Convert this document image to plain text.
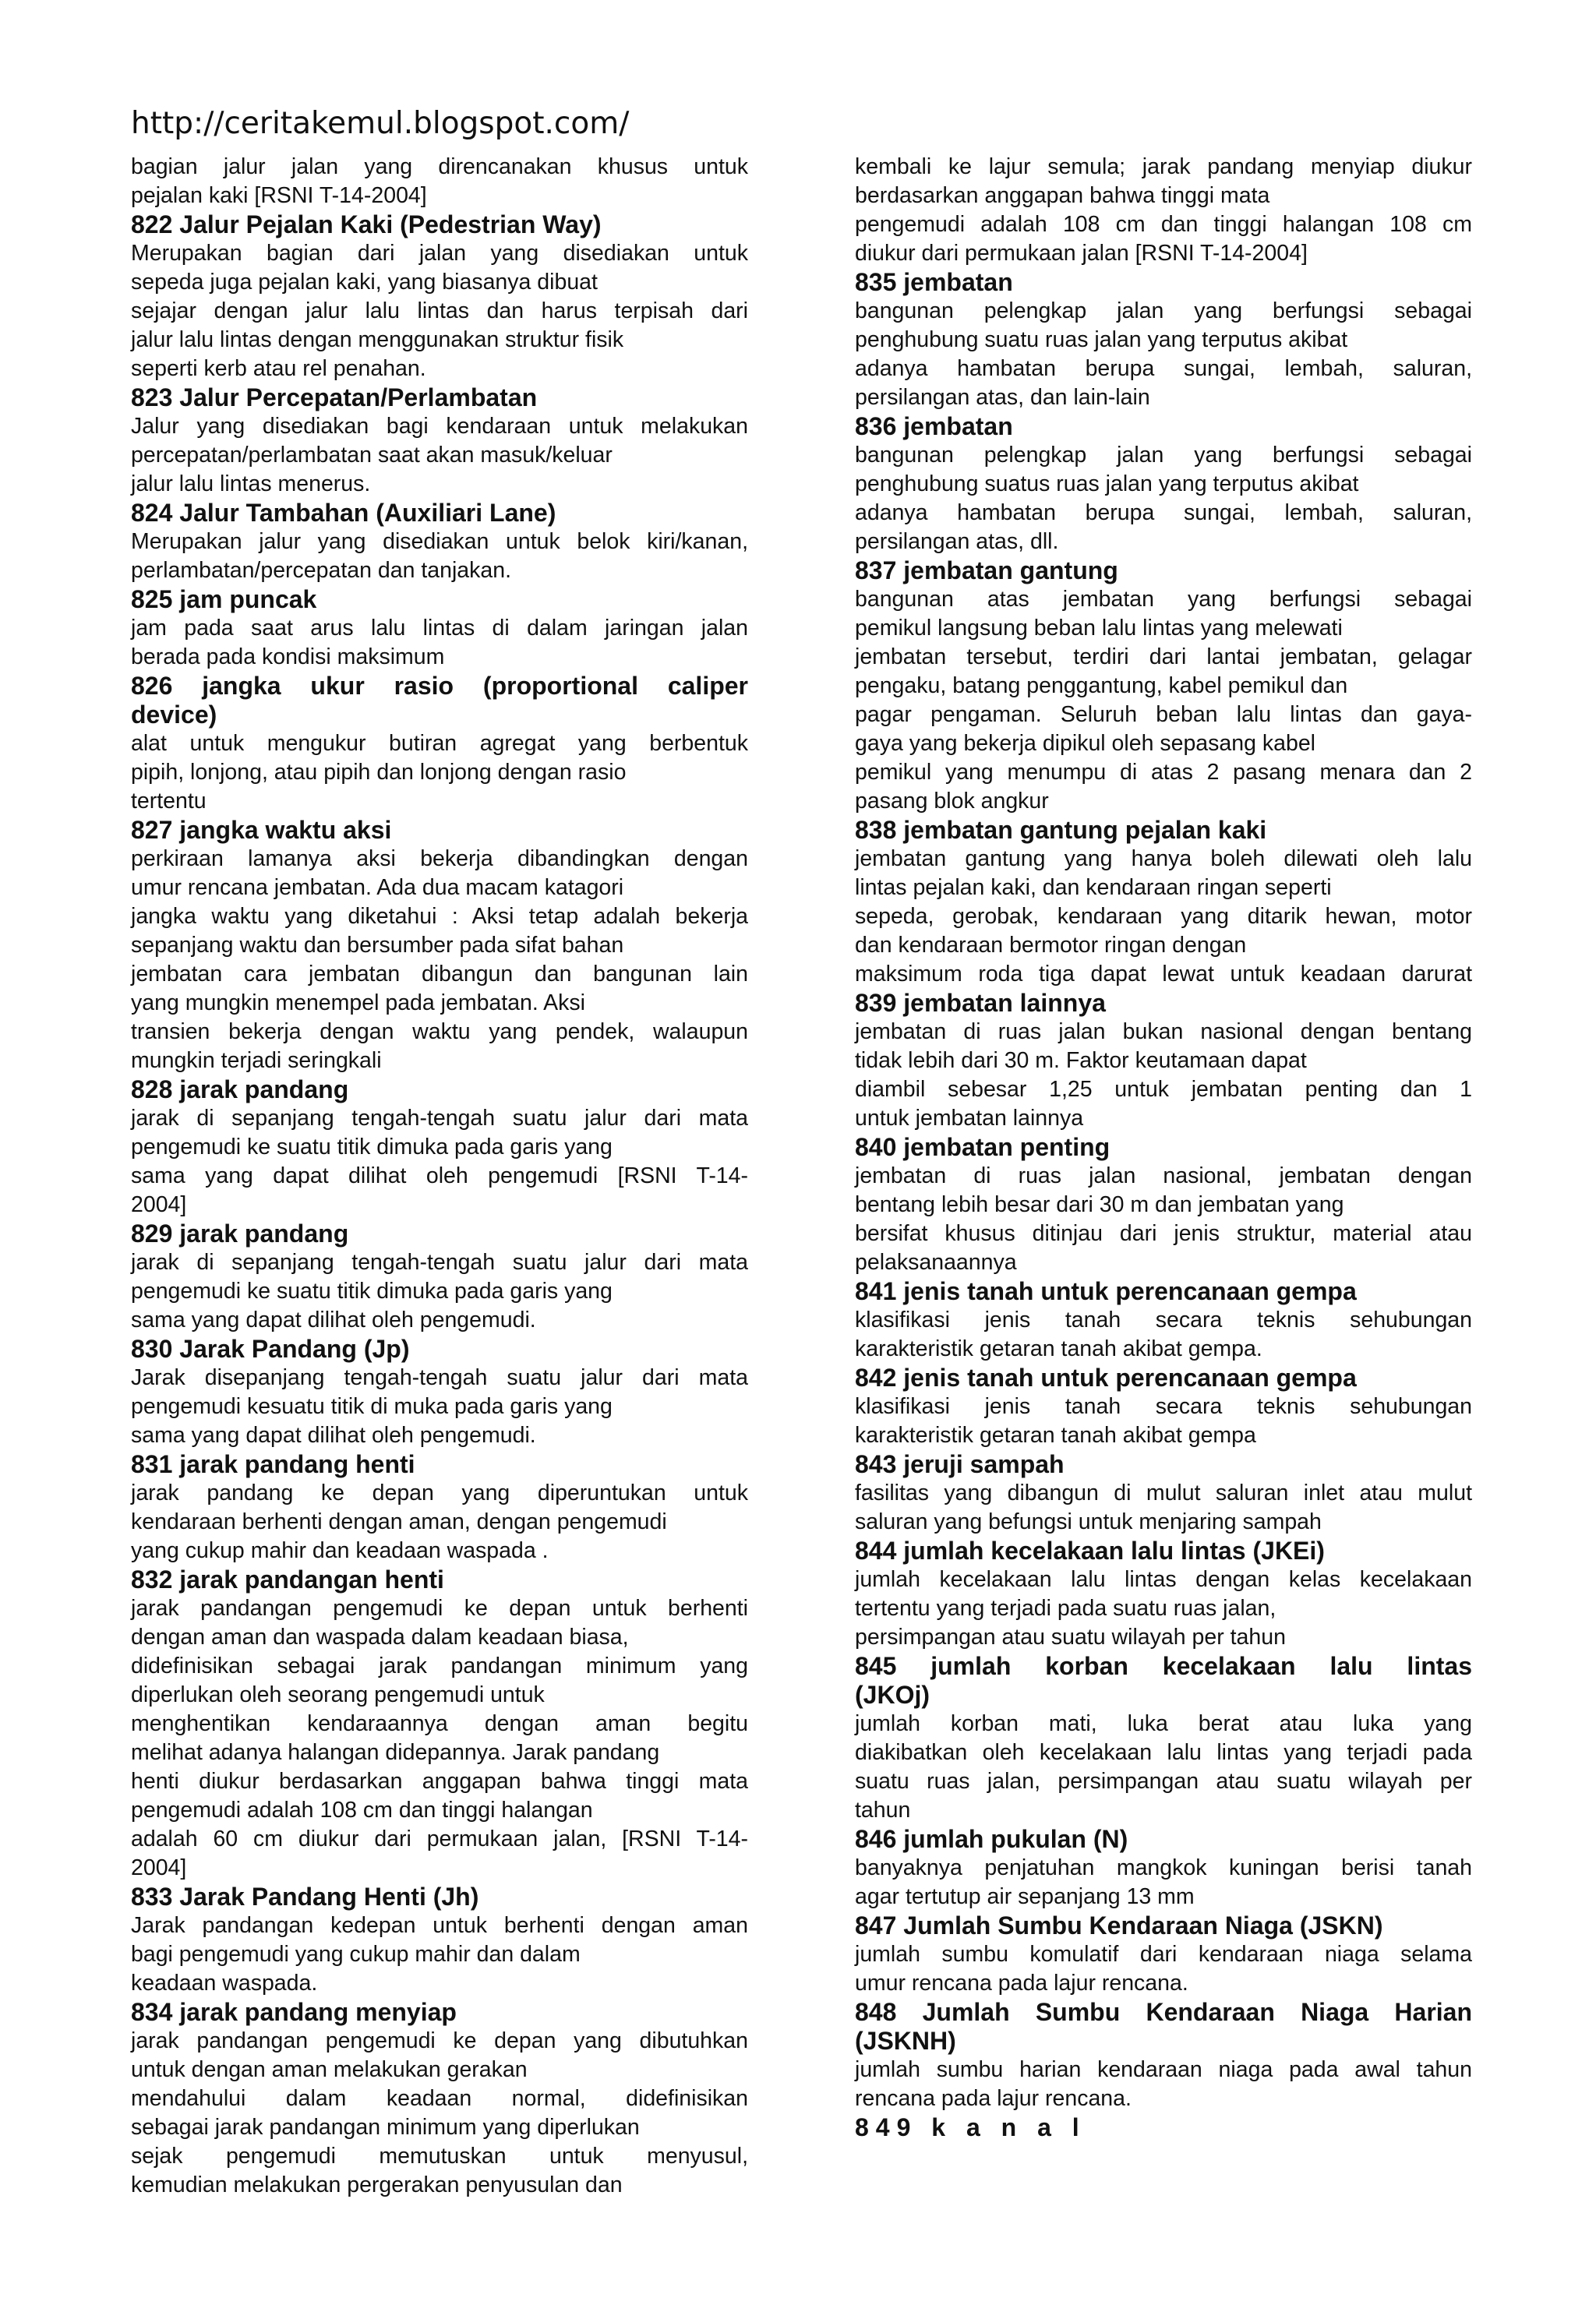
http://ceritakemul.blogspot.com/
bagian jalur jalan yang direncanakan khusus untuk
pejalan kaki [RSNI T-14-2004]
822 Jalur Pejalan Kaki (Pedestrian Way)
Merupakan bagian dari jalan yang disediakan untuk
sepeda juga pejalan kaki, yang biasanya dibuat
sejajar dengan jalur lalu lintas dan harus terpisah dari
jalur lalu lintas dengan menggunakan struktur fisik
seperti kerb atau rel penahan.
823 Jalur Percepatan/Perlambatan
Jalur yang disediakan bagi kendaraan untuk melakukan
percepatan/perlambatan saat akan masuk/keluar
jalur lalu lintas menerus.
824 Jalur Tambahan (Auxiliari Lane)
Merupakan jalur yang disediakan untuk belok kiri/kanan,
perlambatan/percepatan dan tanjakan.
825 jam puncak
jam pada saat arus lalu lintas di dalam jaringan jalan
berada pada kondisi maksimum
826 jangka ukur rasio (proportional caliper
device)
alat untuk mengukur butiran agregat yang berbentuk
pipih, lonjong, atau pipih dan lonjong dengan rasio
tertentu
827 jangka waktu aksi
perkiraan lamanya aksi bekerja dibandingkan dengan
umur rencana jembatan. Ada dua macam katagori
jangka waktu yang diketahui : Aksi tetap adalah bekerja
sepanjang waktu dan bersumber pada sifat bahan
jembatan cara jembatan dibangun dan bangunan lain
yang mungkin menempel pada jembatan. Aksi
transien bekerja dengan waktu yang pendek, walaupun
mungkin terjadi seringkali
828 jarak pandang
jarak di sepanjang tengah-tengah suatu jalur dari mata
pengemudi ke suatu titik dimuka pada garis yang
sama yang dapat dilihat oleh pengemudi [RSNI T-14-
2004]
829 jarak pandang
jarak di sepanjang tengah-tengah suatu jalur dari mata
pengemudi ke suatu titik dimuka pada garis yang
sama yang dapat dilihat oleh pengemudi.
830 Jarak Pandang (Jp)
Jarak disepanjang tengah-tengah suatu jalur dari mata
pengemudi kesuatu titik di muka pada garis yang
sama yang dapat dilihat oleh pengemudi.
831 jarak pandang henti
jarak pandang ke depan yang diperuntukan untuk
kendaraan berhenti dengan aman, dengan pengemudi
yang cukup mahir dan keadaan waspada .
832 jarak pandangan henti
jarak pandangan pengemudi ke depan untuk berhenti
dengan aman dan waspada dalam keadaan biasa,
didefinisikan sebagai jarak pandangan minimum yang
diperlukan oleh seorang pengemudi untuk
menghentikan kendaraannya dengan aman begitu
melihat adanya halangan didepannya. Jarak pandang
henti diukur berdasarkan anggapan bahwa tinggi mata
pengemudi adalah 108 cm dan tinggi halangan
adalah 60 cm diukur dari permukaan jalan, [RSNI T-14-
2004]
833 Jarak Pandang Henti (Jh)
Jarak pandangan kedepan untuk berhenti dengan aman
bagi pengemudi yang cukup mahir dan dalam
keadaan waspada.
834 jarak pandang menyiap
jarak pandangan pengemudi ke depan yang dibutuhkan
untuk dengan aman melakukan gerakan
mendahului dalam keadaan normal, didefinisikan
sebagai jarak pandangan minimum yang diperlukan
sejak pengemudi memutuskan untuk menyusul,
kemudian melakukan pergerakan penyusulan dan
kembali ke lajur semula; jarak pandang menyiap diukur
berdasarkan anggapan bahwa tinggi mata
pengemudi adalah 108 cm dan tinggi halangan 108 cm
diukur dari permukaan jalan [RSNI T-14-2004]
835 jembatan
bangunan pelengkap jalan yang berfungsi sebagai
penghubung suatu ruas jalan yang terputus akibat
adanya hambatan berupa sungai, lembah, saluran,
persilangan atas, dan lain-lain
836 jembatan
bangunan pelengkap jalan yang berfungsi sebagai
penghubung suatus ruas jalan yang terputus akibat
adanya hambatan berupa sungai, lembah, saluran,
persilangan atas, dll.
837 jembatan gantung
bangunan atas jembatan yang berfungsi sebagai
pemikul langsung beban lalu lintas yang melewati
jembatan tersebut, terdiri dari lantai jembatan, gelagar
pengaku, batang penggantung, kabel pemikul dan
pagar pengaman. Seluruh beban lalu lintas dan gaya-
gaya yang bekerja dipikul oleh sepasang kabel
pemikul yang menumpu di atas 2 pasang menara dan 2
pasang blok angkur
838 jembatan gantung pejalan kaki
jembatan gantung yang hanya boleh dilewati oleh lalu
lintas pejalan kaki, dan kendaraan ringan seperti
sepeda, gerobak, kendaraan yang ditarik hewan, motor
dan kendaraan bermotor ringan dengan
maksimum roda tiga dapat lewat untuk keadaan darurat
839 jembatan lainnya
jembatan di ruas jalan bukan nasional dengan bentang
tidak lebih dari 30 m. Faktor keutamaan dapat
diambil sebesar 1,25 untuk jembatan penting dan 1
untuk jembatan lainnya
840 jembatan penting
jembatan di ruas jalan nasional, jembatan dengan
bentang lebih besar dari 30 m dan jembatan yang
bersifat khusus ditinjau dari jenis struktur, material atau
pelaksanaannya
841 jenis tanah untuk perencanaan gempa
klasifikasi jenis tanah secara teknis sehubungan
karakteristik getaran tanah akibat gempa.
842 jenis tanah untuk perencanaan gempa
klasifikasi jenis tanah secara teknis sehubungan
karakteristik getaran tanah akibat gempa
843 jeruji sampah
fasilitas yang dibangun di mulut saluran inlet atau mulut
saluran yang befungsi untuk menjaring sampah
844 jumlah kecelakaan lalu lintas (JKEi)
jumlah kecelakaan lalu lintas dengan kelas kecelakaan
tertentu yang terjadi pada suatu ruas jalan,
persimpangan atau suatu wilayah per tahun
845 jumlah korban kecelakaan lalu lintas
(JKOj)
jumlah korban mati, luka berat atau luka yang
diakibatkan oleh kecelakaan lalu lintas yang terjadi pada
suatu ruas jalan, persimpangan atau suatu wilayah per
tahun
846 jumlah pukulan (N)
banyaknya penjatuhan mangkok kuningan berisi tanah
agar tertutup air sepanjang 13 mm
847 Jumlah Sumbu Kendaraan Niaga (JSKN)
jumlah sumbu komulatif dari kendaraan niaga selama
umur rencana pada lajur rencana.
848 Jumlah Sumbu Kendaraan Niaga Harian
(JSKNH)
jumlah sumbu harian kendaraan niaga pada awal tahun
rencana pada lajur rencana.
849 k a n a l
